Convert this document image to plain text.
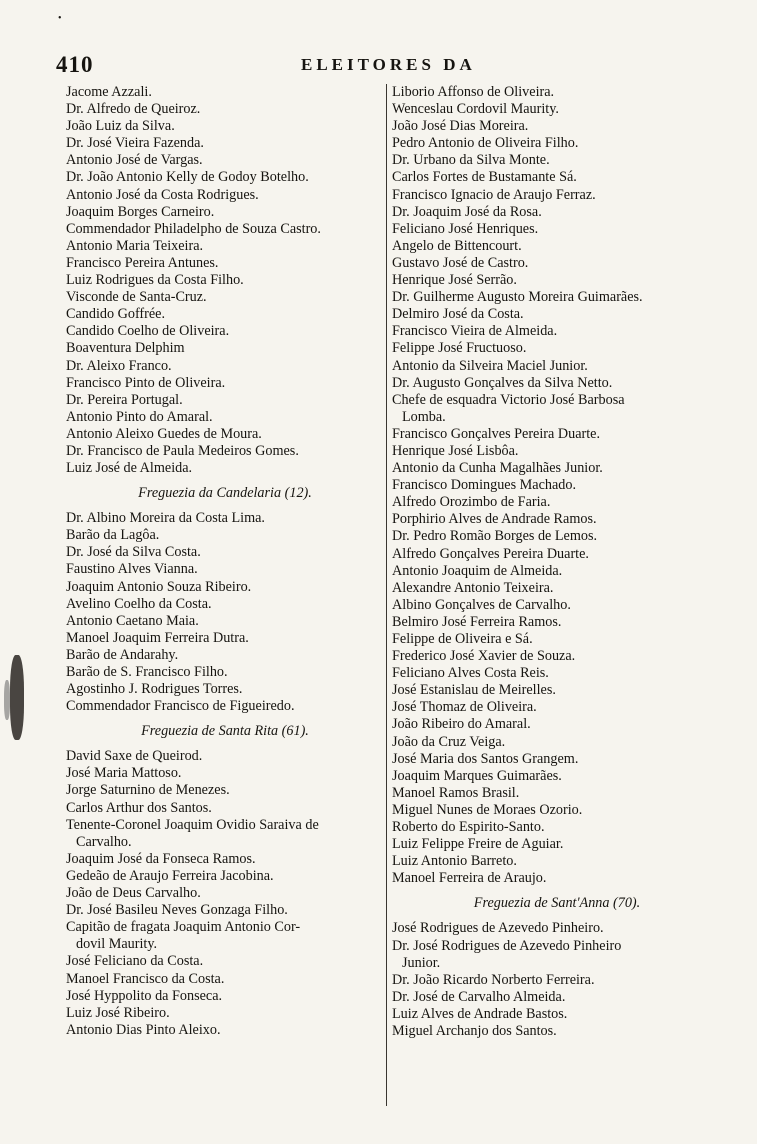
•
410	ELEITORES DA
Jacome Azzali.
Dr. Alfredo de Queiroz.
João Luiz da Silva.
Dr. José Vieira Fazenda.
Antonio José de Vargas.
Dr. João Antonio Kelly de Godoy Botelho.
Antonio José da Costa Rodrigues.
Joaquim Borges Carneiro.
Commendador Philadelpho de Souza Castro.
Antonio Maria Teixeira.
Francisco Pereira Antunes.
Luiz Rodrigues da Costa Filho.
Visconde de Santa-Cruz.
Candido Goffrée.
Candido Coelho de Oliveira.
Boaventura Delphim
Dr. Aleixo Franco.
Francisco Pinto de Oliveira.
Dr. Pereira Portugal.
Antonio Pinto do Amaral.
Antonio Aleixo Guedes de Moura.
Dr. Francisco de Paula Medeiros Gomes.
Luiz José de Almeida.
Freguezia da Candelaria (12).
Dr. Albino Moreira da Costa Lima.
Barão da Lagôa.
Dr. José da Silva Costa.
Faustino Alves Vianna.
Joaquim Antonio Souza Ribeiro.
Avelino Coelho da Costa.
Antonio Caetano Maia.
Manoel Joaquim Ferreira Dutra.
Barão de Andarahy.
Barão de S. Francisco Filho.
Agostinho J. Rodrigues Torres.
Commendador Francisco de Figueiredo.
Freguezia de Santa Rita (61).
David Saxe de Queirod.
José Maria Mattoso.
Jorge Saturnino de Menezes.
Carlos Arthur dos Santos.
Tenente-Coronel Joaquim Ovidio Saraiva de
Carvalho.
Joaquim José da Fonseca Ramos.
Gedeão de Araujo Ferreira Jacobina.
João de Deus Carvalho.
Dr. José Basileu Neves Gonzaga Filho.
Capitão de fragata Joaquim Antonio Cor-
dovil Maurity.
José Feliciano da Costa.
Manoel Francisco da Costa.
José Hyppolito da Fonseca.
Luiz José Ribeiro.
Antonio Dias Pinto Aleixo.
Liborio Affonso de Oliveira.
Wenceslau Cordovil Maurity.
João José Dias Moreira.
Pedro Antonio de Oliveira Filho.
Dr. Urbano da Silva Monte.
Carlos Fortes de Bustamante Sá.
Francisco Ignacio de Araujo Ferraz.
Dr. Joaquim José da Rosa.
Feliciano José Henriques.
Angelo de Bittencourt.
Gustavo José de Castro.
Henrique José Serrão.
Dr. Guilherme Augusto Moreira Guimarães.
Delmiro José da Costa.
Francisco Vieira de Almeida.
Felippe José Fructuoso.
Antonio da Silveira Maciel Junior.
Dr. Augusto Gonçalves da Silva Netto.
Chefe de esquadra Victorio José Barbosa
Lomba.
Francisco Gonçalves Pereira Duarte.
Henrique José Lisbôa.
Antonio da Cunha Magalhães Junior.
Francisco Domingues Machado.
Alfredo Orozimbo de Faria.
Porphirio Alves de Andrade Ramos.
Dr. Pedro Romão Borges de Lemos.
Alfredo Gonçalves Pereira Duarte.
Antonio Joaquim de Almeida.
Alexandre Antonio Teixeira.
Albino Gonçalves de Carvalho.
Belmiro José Ferreira Ramos.
Felippe de Oliveira e Sá.
Frederico José Xavier de Souza.
Feliciano Alves Costa Reis.
José Estanislau de Meirelles.
José Thomaz de Oliveira.
João Ribeiro do Amaral.
João da Cruz Veiga.
José Maria dos Santos Grangem.
Joaquim Marques Guimarães.
Manoel Ramos Brasil.
Miguel Nunes de Moraes Ozorio.
Roberto do Espirito-Santo.
Luiz Felippe Freire de Aguiar.
Luiz Antonio Barreto.
Manoel Ferreira de Araujo.
Freguezia de Sant'Anna (70).
José Rodrigues de Azevedo Pinheiro.
Dr. José Rodrigues de Azevedo Pinheiro
Junior.
Dr. João Ricardo Norberto Ferreira.
Dr. José de Carvalho Almeida.
Luiz Alves de Andrade Bastos.
Miguel Archanjo dos Santos.
